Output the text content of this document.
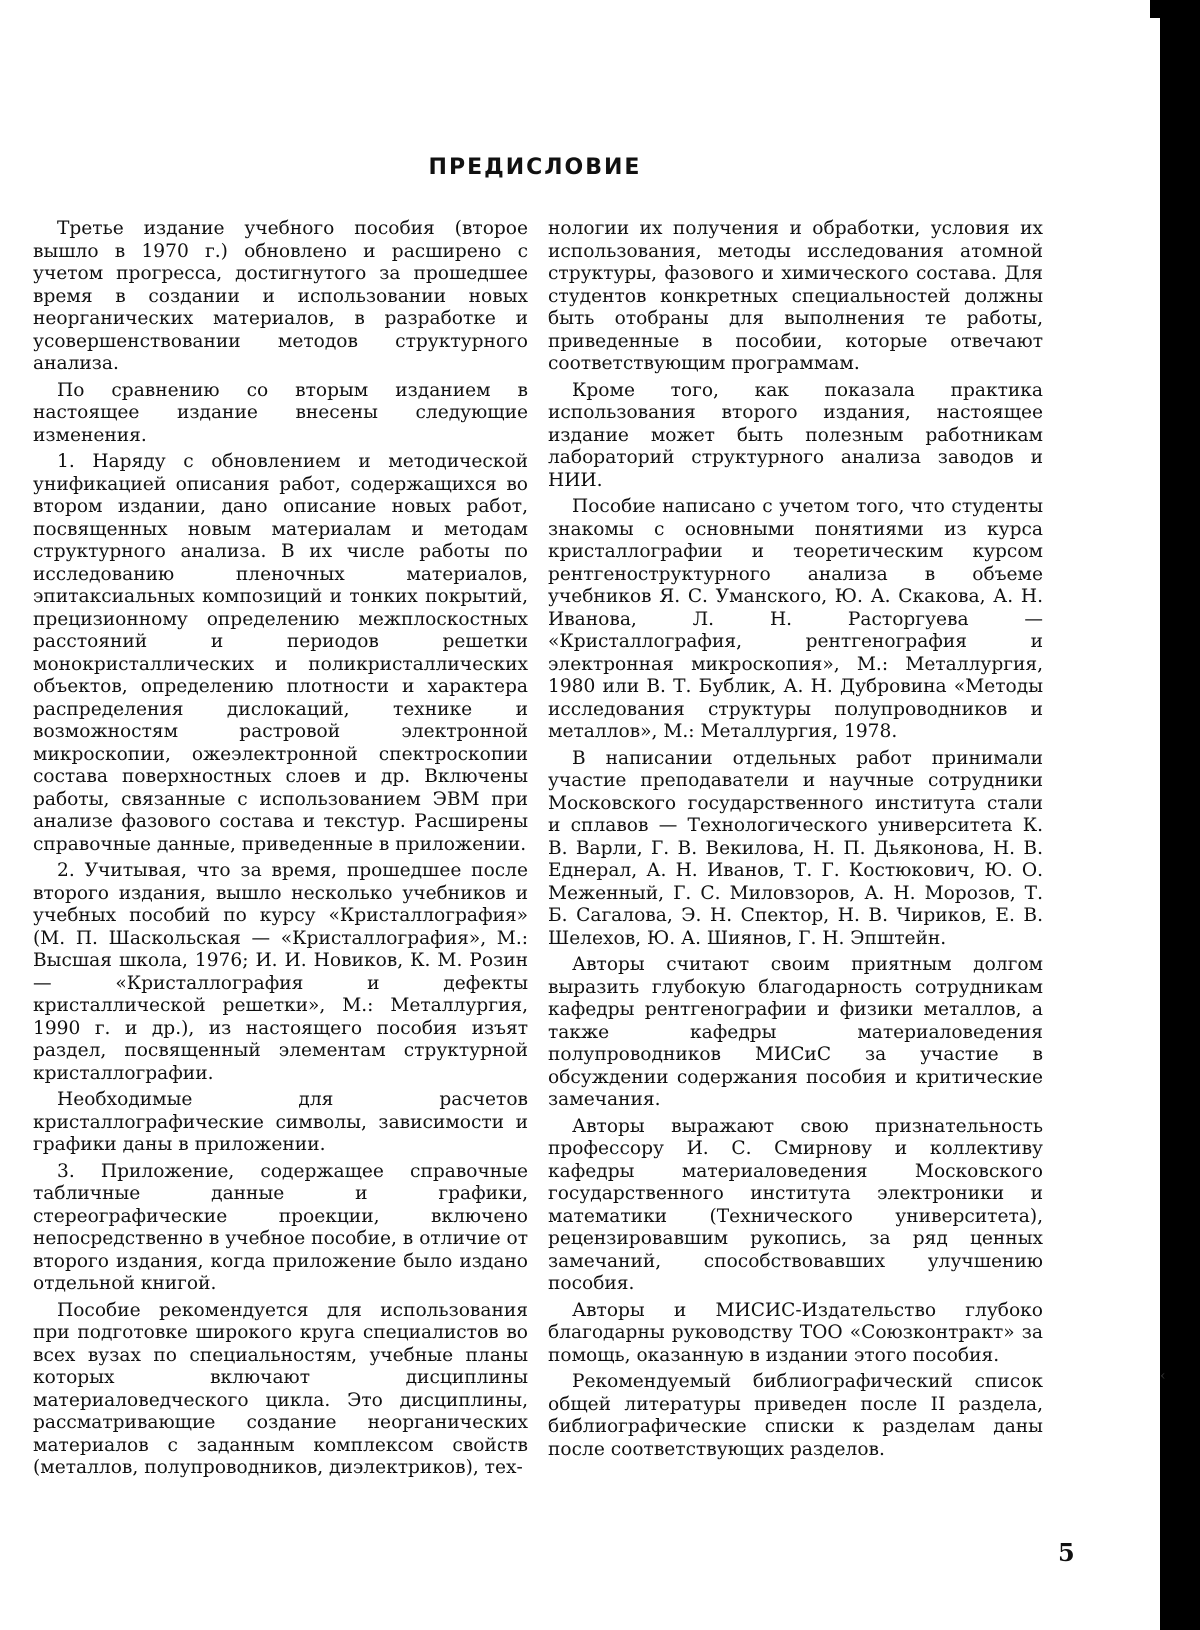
‹
ПРЕДИСЛОВИЕ

Третье издание учебного пособия (второе вышло в 1970 г.) обновлено и расширено с учетом прогресса, достигнутого за прошедшее время в создании и использовании новых неорганических материалов, в разработке и усовершенствовании методов структурного анализа.

По сравнению со вторым изданием в настоящее издание внесены следующие изменения.

1. Наряду с обновлением и методической унификацией описания работ, содержащихся во втором издании, дано описание новых работ, посвященных новым материалам и методам структурного анализа. В их числе работы по исследованию пленочных материалов, эпитаксиальных композиций и тонких покрытий, прецизионному определению межплоскостных расстояний и периодов решетки монокристаллических и поликристаллических объектов, определению плотности и характера распределения дислокаций, технике и возможностям растровой электронной микроскопии, ожеэлектронной спектроскопии состава поверхностных слоев и др. Включены работы, связанные с использованием ЭВМ при анализе фазового состава и текстур. Расширены справочные данные, приведенные в приложении.

2. Учитывая, что за время, прошедшее после второго издания, вышло несколько учебников и учебных пособий по курсу «Кристаллография» (М. П. Шаскольская — «Кристаллография», М.: Высшая школа, 1976; И. И. Новиков, К. М. Розин — «Кристаллография и дефекты кристаллической решетки», М.: Металлургия, 1990 г. и др.), из настоящего пособия изъят раздел, посвященный элементам структурной кристаллографии.

Необходимые для расчетов кристаллографические символы, зависимости и графики даны в приложении.

3. Приложение, содержащее справочные табличные данные и графики, стереографические проекции, включено непосредственно в учебное пособие, в отличие от второго издания, когда приложение было издано отдельной книгой.

Пособие рекомендуется для использования при подготовке широкого круга специалистов во всех вузах по специальностям, учебные планы которых включают дисциплины материаловедческого цикла. Это дисциплины, рассматривающие создание неорганических материалов с заданным комплексом свойств (металлов, полупроводников, диэлектриков), тех-

нологии их получения и обработки, условия их использования, методы исследования атомной структуры, фазового и химического состава. Для студентов конкретных специальностей должны быть отобраны для выполнения те работы, приведенные в пособии, которые отвечают соответствующим программам.

Кроме того, как показала практика использования второго издания, настоящее издание может быть полезным работникам лабораторий структурного анализа заводов и НИИ.

Пособие написано с учетом того, что студенты знакомы с основными понятиями из курса кристаллографии и теоретическим курсом рентгеноструктурного анализа в объеме учебников Я. С. Уманского, Ю. А. Скакова, А. Н. Иванова, Л. Н. Расторгуева — «Кристаллография, рентгенография и электронная микроскопия», М.: Металлургия, 1980 или В. Т. Бублик, А. Н. Дубровина «Методы исследования структуры полупроводников и металлов», М.: Металлургия, 1978.

В написании отдельных работ принимали участие преподаватели и научные сотрудники Московского государственного института стали и сплавов — Технологического университета К. В. Варли, Г. В. Векилова, Н. П. Дьяконова, Н. В. Еднерал, А. Н. Иванов, Т. Г. Костюкович, Ю. О. Меженный, Г. С. Миловзоров, А. Н. Морозов, Т. Б. Сагалова, Э. Н. Спектор, Н. В. Чириков, Е. В. Шелехов, Ю. А. Шиянов, Г. Н. Эпштейн.

Авторы считают своим приятным долгом выразить глубокую благодарность сотрудникам кафедры рентгенографии и физики металлов, а также кафедры материаловедения полупроводников МИСиС за участие в обсуждении содержания пособия и критические замечания.

Авторы выражают свою признательность профессору И. С. Смирнову и коллективу кафедры материаловедения Московского государственного института электроники и математики (Технического университета), рецензировавшим рукопись, за ряд ценных замечаний, способствовавших улучшению пособия.

Авторы и МИСИС-Издательство глубоко благодарны руководству ТОО «Союзконтракт» за помощь, оказанную в издании этого пособия.

Рекомендуемый библиографический список общей литературы приведен после II раздела, библиографические списки к разделам даны после соответствующих разделов.

5
